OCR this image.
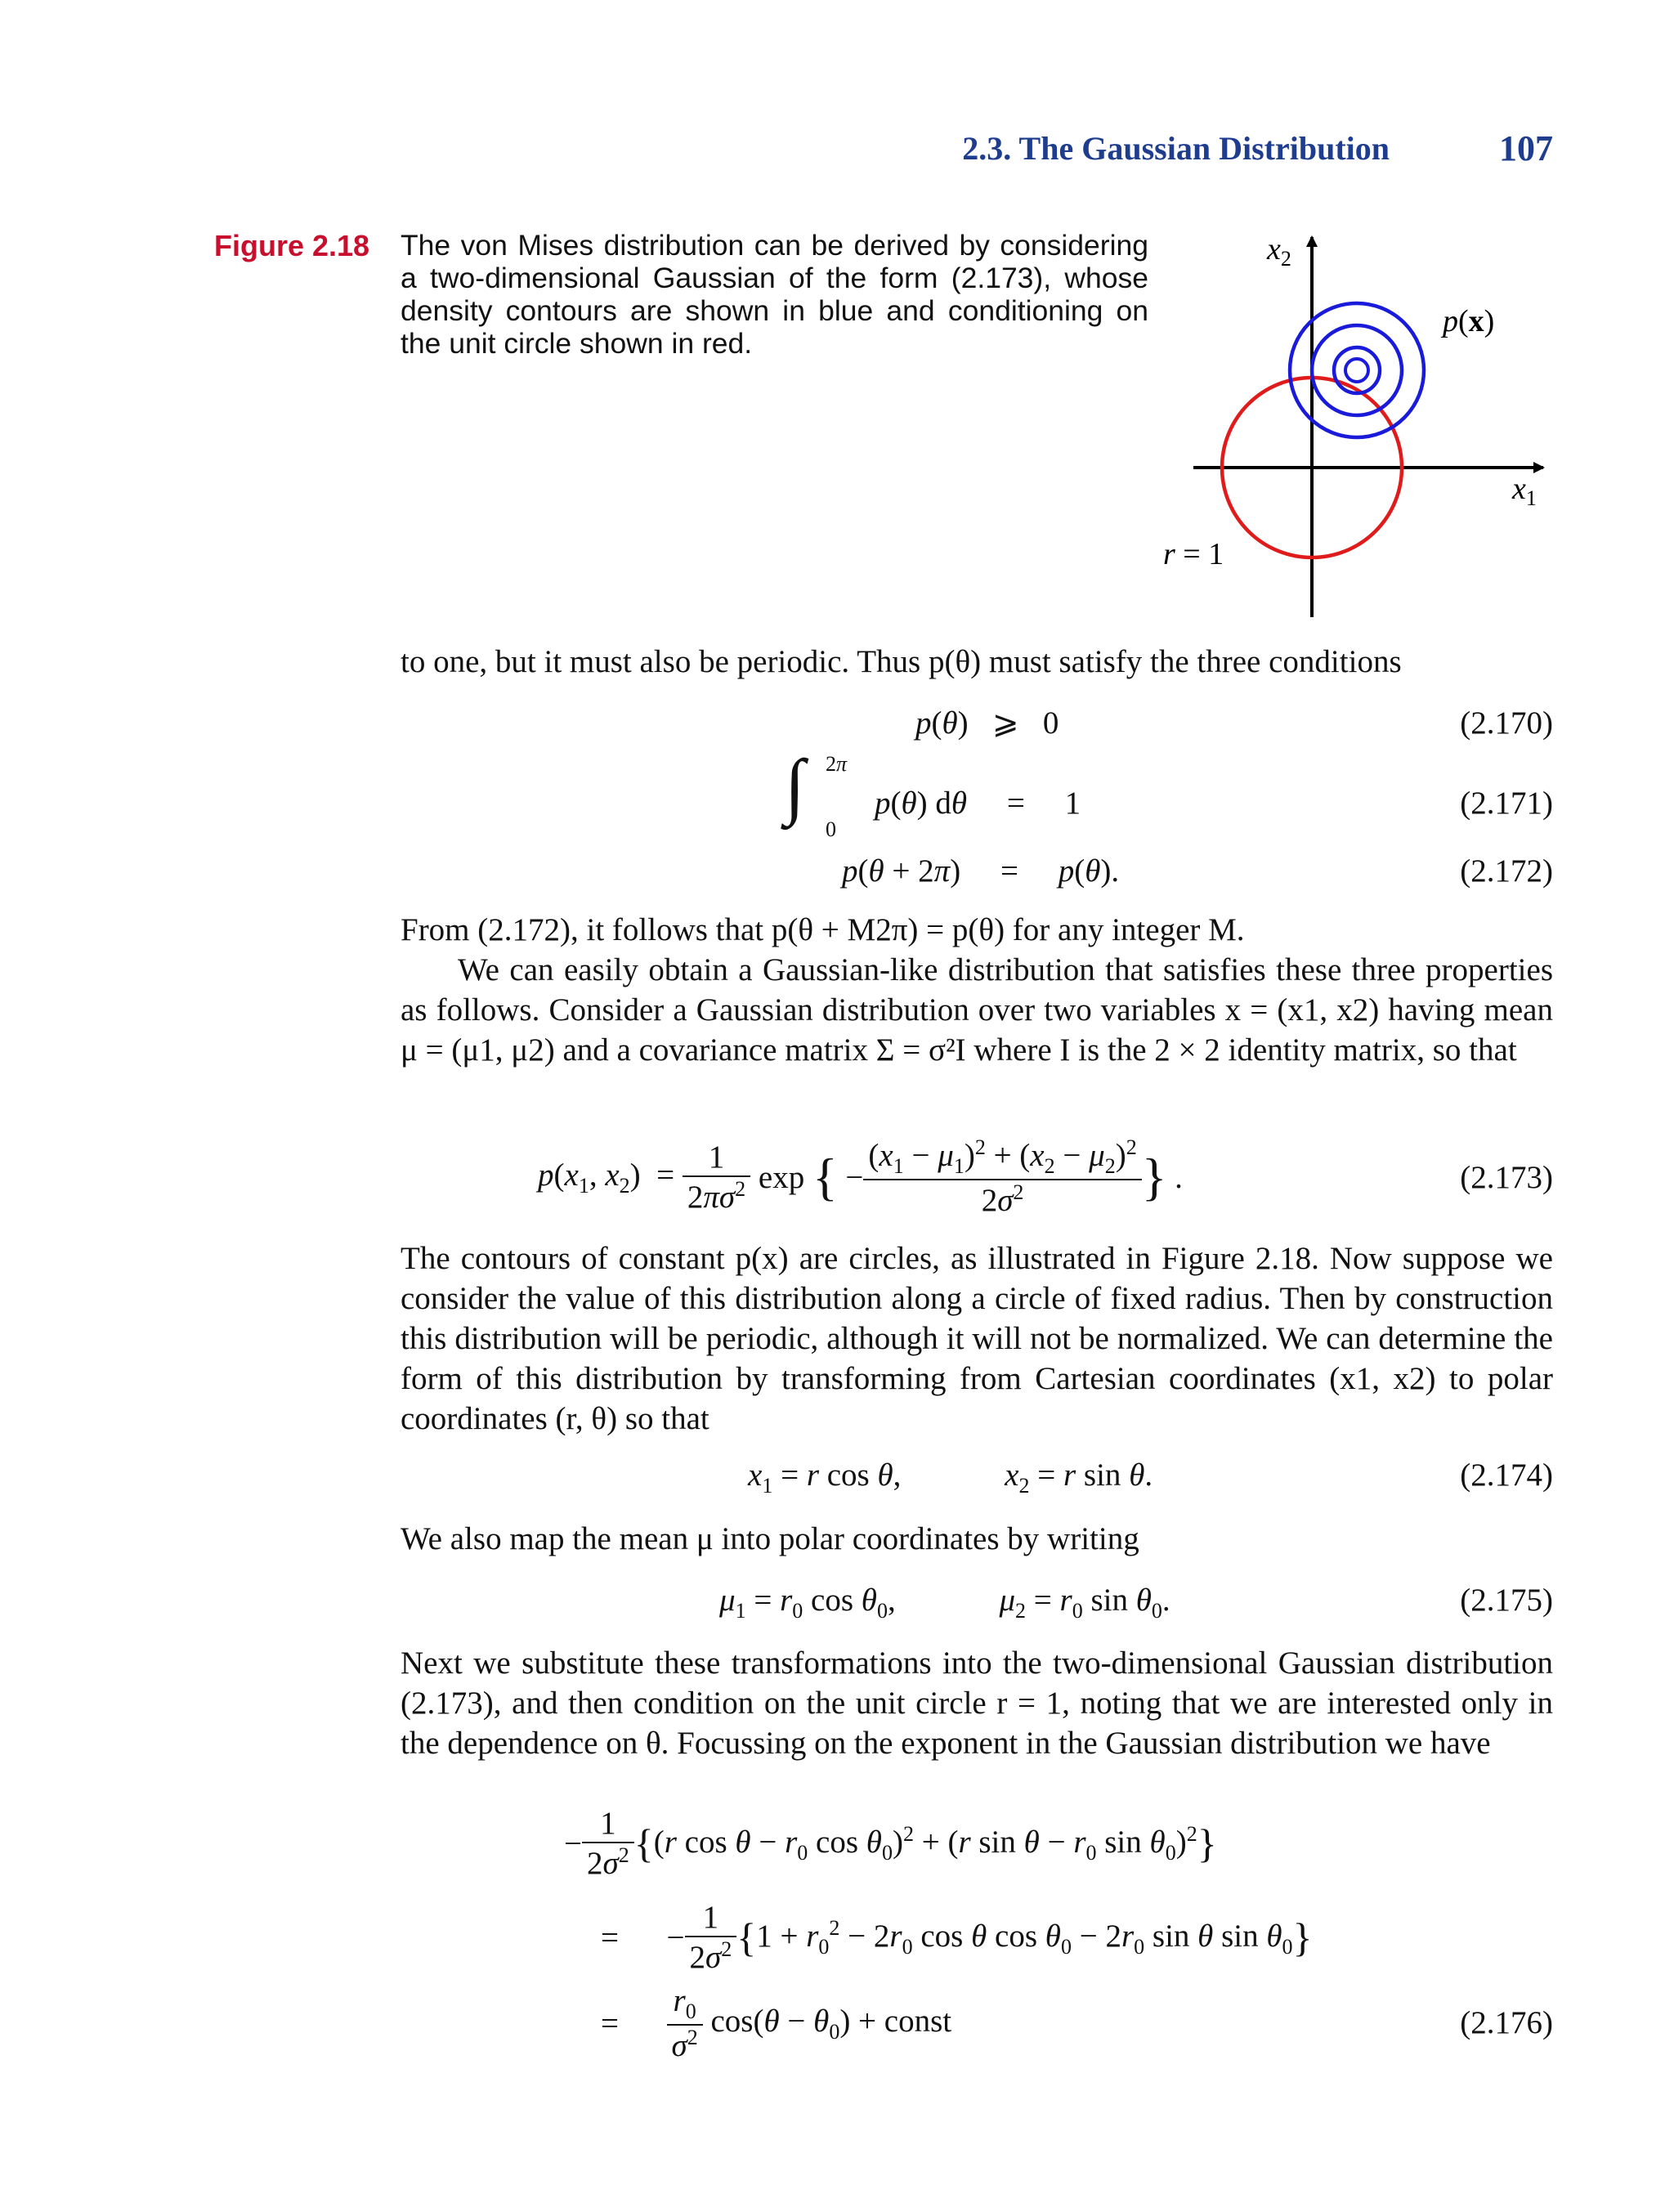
2.3. The Gaussian Distribution	107
Figure 2.18 The von Mises distribution can be derived by considering a two-dimensional Gaussian of the form (2.173), whose density contours are shown in blue and conditioning on the unit circle shown in red.
$x_2$
$x_1$
p(x)
r = 1
to one, but it must also be periodic. Thus p(θ) must satisfy the three conditions
p(θ)   ⩾   0	(2.170)
∫ 2π
0
p(θ) dθ     =     1	(2.171)
p(θ + 2π)     =     p(θ).	(2.172)
From (2.172), it follows that p(θ + M2π) = p(θ) for any integer M.
We can easily obtain a Gaussian-like distribution that satisfies these three properties as follows. Consider a Gaussian distribution over two variables x = (x1, x2) having mean μ = (μ1, μ2) and a covariance matrix Σ = σ²I where I is the 2 × 2 identity matrix, so that
$p(x_1$, $x_2) = \frac{1}{2\pi\sigma^2}$ exp { − $\frac{(x_1 - \mu_1)^2 + (x_2 - \mu_2)^2}{2\sigma^2}$ } .	(2.173)
The contours of constant p(x) are circles, as illustrated in Figure 2.18. Now suppose we consider the value of this distribution along a circle of fixed radius. Then by construction this distribution will be periodic, although it will not be normalized. We can determine the form of this distribution by transforming from Cartesian coordinates (x1, x2) to polar coordinates (r, θ) so that
$x_1 = r$ cos θ,             $x_2 = r$ sin θ.	(2.174)
We also map the mean μ into polar coordinates by writing
$\mu_1 = r_0$ $\cos \theta_0$,             $\mu_2 = r_0$ $\sin \theta_0$.	(2.175)
Next we substitute these transformations into the two-dimensional Gaussian distribution (2.173), and then condition on the unit circle r = 1, noting that we are interested only in the dependence on θ. Focussing on the exponent in the Gaussian distribution we have
− $\frac{1}{2\sigma^2}$ { (r $\cos \theta - r_0$ $\cos \theta_0)^2 + (r$ $\sin \theta - r_0$ $\sin \theta_0)^2$ }
=      − $\frac{1}{2\sigma^2}$ { $1 + r_0^2 - 2r_0$ cos θ $\cos \theta_0 - 2r_0$ sin θ $\sin \theta_0$ }
= $\frac{r_0}{\sigma^2} \cos(\theta - \theta_0)$ + const	(2.176)
